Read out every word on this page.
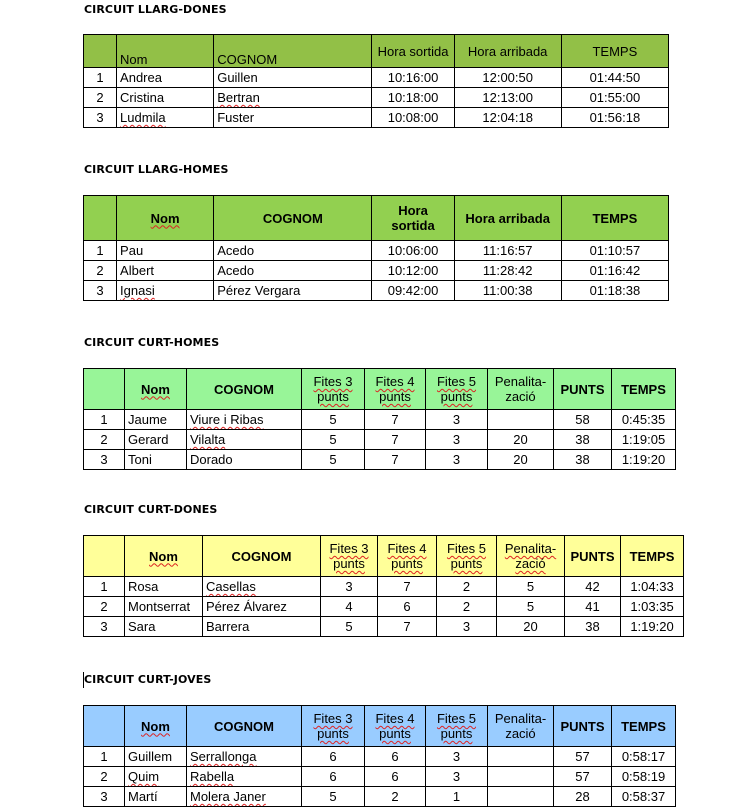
CIRCUIT LLARG-DONES
	Nom	COGNOM	Hora sortida	Hora arribada	TEMPS
1	Andrea	Guillen	10:16:00	12:00:50	01:44:50
2	Cristina	Bertran	10:18:00	12:13:00	01:55:00
3	Ludmila	Fuster	10:08:00	12:04:18	01:56:18
CIRCUIT LLARG-HOMES
	Nom	COGNOM	Hora sortida	Hora arribada	TEMPS
1	Pau	Acedo	10:06:00	11:16:57	01:10:57
2	Albert	Acedo	10:12:00	11:28:42	01:16:42
3	Ignasi	Pérez Vergara	09:42:00	11:00:38	01:18:38
CIRCUIT CURT-HOMES
	Nom	COGNOM	Fites 3 punts	Fites 4 punts	Fites 5 punts	Penalita-zació	PUNTS	TEMPS
1	Jaume	Viure i Ribas	5	7	3		58	0:45:35
2	Gerard	Vilalta	5	7	3	20	38	1:19:05
3	Toni	Dorado	5	7	3	20	38	1:19:20
CIRCUIT CURT-DONES
	Nom	COGNOM	Fites 3 punts	Fites 4 punts	Fites 5 punts	Penalita-zació	PUNTS	TEMPS
1	Rosa	Casellas	3	7	2	5	42	1:04:33
2	Montserrat	Pérez Álvarez	4	6	2	5	41	1:03:35
3	Sara	Barrera	5	7	3	20	38	1:19:20
CIRCUIT CURT-JOVES
	Nom	COGNOM	Fites 3 punts	Fites 4 punts	Fites 5 punts	Penalita-zació	PUNTS	TEMPS
1	Guillem	Serrallonga	6	6	3		57	0:58:17
2	Quim	Rabella	6	6	3		57	0:58:19
3	Martí	Molera Janer	5	2	1		28	0:58:37
